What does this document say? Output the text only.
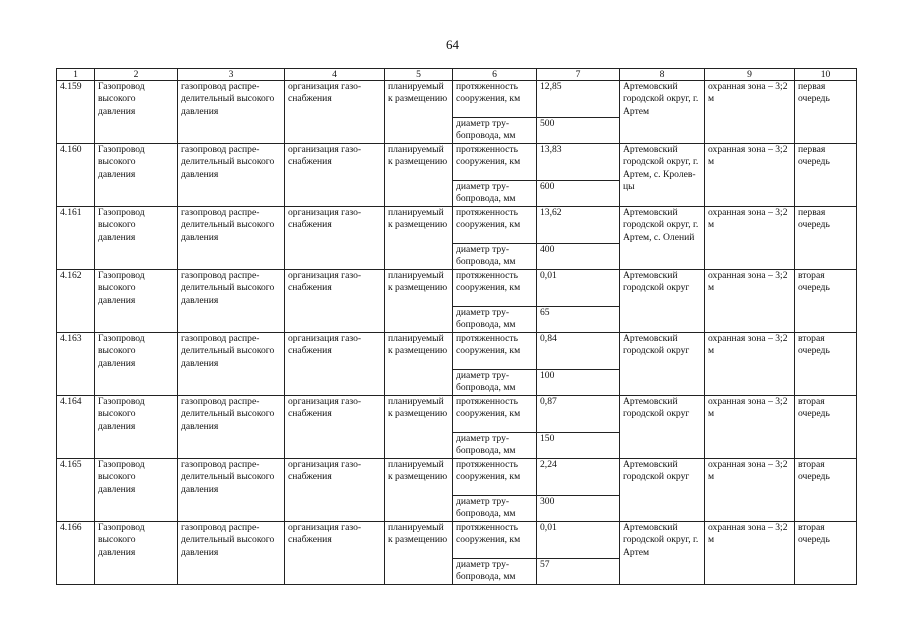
64
1	2	3	4	5	6	7	8	9	10
4.159	Газопровод высокого давления	газопровод распределительный высокого давления	организация газоснабжения	планируемый к размещению	протяженность сооружения, км	12,85	Артемовский городской округ, г. Артем	охранная зона – 3;2 м	первая очередь
					диаметр трубопровода, мм	500			
4.160	Газопровод высокого давления	газопровод распределительный высокого давления	организация газоснабжения	планируемый к размещению	протяженность сооружения, км	13,83	Артемовский городской округ, г. Артем, с. Кролевцы	охранная зона – 3;2 м	первая очередь
					диаметр трубопровода, мм	600			
4.161	Газопровод высокого давления	газопровод распределительный высокого давления	организация газоснабжения	планируемый к размещению	протяженность сооружения, км	13,62	Артемовский городской округ, г. Артем, с. Олений	охранная зона – 3;2 м	первая очередь
					диаметр трубопровода, мм	400			
4.162	Газопровод высокого давления	газопровод распределительный высокого давления	организация газоснабжения	планируемый к размещению	протяженность сооружения, км	0,01	Артемовский городской округ	охранная зона – 3;2 м	вторая очередь
					диаметр трубопровода, мм	65			
4.163	Газопровод высокого давления	газопровод распределительный высокого давления	организация газоснабжения	планируемый к размещению	протяженность сооружения, км	0,84	Артемовский городской округ	охранная зона – 3;2 м	вторая очередь
					диаметр трубопровода, мм	100			
4.164	Газопровод высокого давления	газопровод распределительный высокого давления	организация газоснабжения	планируемый к размещению	протяженность сооружения, км	0,87	Артемовский городской округ	охранная зона – 3;2 м	вторая очередь
					диаметр трубопровода, мм	150			
4.165	Газопровод высокого давления	газопровод распределительный высокого давления	организация газоснабжения	планируемый к размещению	протяженность сооружения, км	2,24	Артемовский городской округ	охранная зона – 3;2 м	вторая очередь
					диаметр трубопровода, мм	300			
4.166	Газопровод высокого давления	газопровод распределительный высокого давления	организация газоснабжения	планируемый к размещению	протяженность сооружения, км	0,01	Артемовский городской округ, г. Артем	охранная зона – 3;2 м	вторая очередь
					диаметр трубопровода, мм	57			
